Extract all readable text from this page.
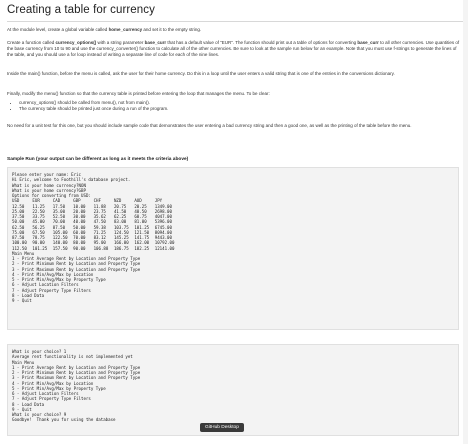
Creating a table for currency
At the module level, create a global variable called home_currency and set it to the empty string.
Create a function called currency_options() with a string parameter base_curr that has a default value of "EUR". The function should print out a table of options for converting base_curr to all other currencies. Use quantities of the base currency from 10 to 90 and use the currency_converter() function to calculate all of the other currencies. Be sure to look at the sample run below for an example. Note that you must use f-strings to generate the lines of the table, and you should use a for loop instead of writing a separate line of code for each of the nine lines.
Inside the main() function, before the menu is called, ask the user for their home currency. Do this in a loop until the user enters a valid string that is one of the entries in the conversions dictionary.
Finally, modify the menu() function so that the currency table is printed before entering the loop that manages the menu. To be clear:
• currency_options() should be called from menu(), not from main().
• The currency table should be printed just once during a run of the program.
No need for a unit test for this one, but you should include sample code that demonstrates the user entering a bad currency string and then a good one, as well as the printing of the table before the menu.
Sample Run (your output can be different as long as it meets the criteria above)
Please enter your name: Eric
Hi Eric, welcome to Foothill's database project.
What is your home currency?NON
What is your home currency?GBP
Options for converting from USD:
USD	EUR	CAD	GBP	CHF	NZD	AUD	JPY
12.50	11.25	17.50	10.00	11.88	20.75	20.25	1349.00
25.00	22.50	35.00	20.00	23.75	41.50	40.50	2698.00
37.50	33.75	52.50	30.00	35.62	62.25	60.75	4047.00
50.00	45.00	70.00	40.00	47.50	83.00	81.00	5396.00
62.50	56.25	87.50	50.00	59.38	103.75	101.25	6745.00
75.00	67.50	105.00	60.00	71.25	124.50	121.50	8094.00
87.50	78.75	122.50	70.00	83.12	145.25	141.75	9443.00
100.00	90.00	140.00	80.00	95.00	166.00	162.00	10792.00
112.50	101.25	157.50	90.00	106.88	186.75	182.25	12141.00
Main Menu
1 - Print Average Rent by Location and Property Type
2 - Print Minimum Rent by Location and Property Type
3 - Print Maximum Rent by Location and Property Type
4 - Print Min/Avg/Max by Location
5 - Print Min/Avg/Max by Property Type
6 - Adjust Location Filters
7 - Adjust Property Type Filters
8 - Load Data
9 - Quit
What is your choice? 1
Average rent functionality is not implemented yet
Main Menu
1 - Print Average Rent by Location and Property Type
2 - Print Minimum Rent by Location and Property Type
3 - Print Maximum Rent by Location and Property Type
4 - Print Min/Avg/Max by Location
5 - Print Min/Avg/Max by Property Type
6 - Adjust Location Filters
7 - Adjust Property Type Filters
8 - Load Data
9 - Quit
What is your choice? 9
Goodbye!  Thank you for using the database
GitHub Desktop
